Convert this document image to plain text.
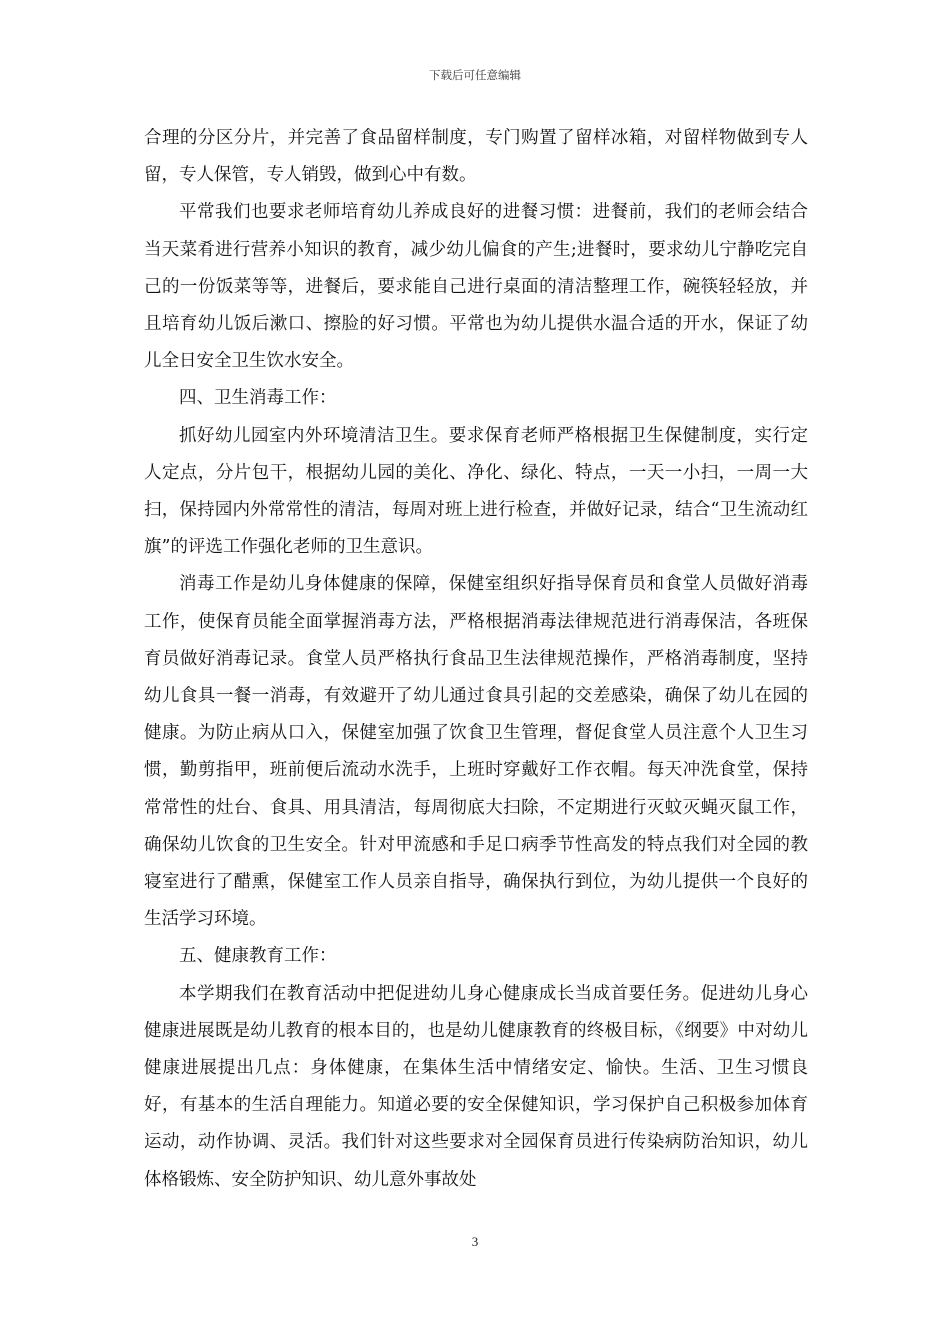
下载后可任意编辑

合理的分区分片，并完善了食品留样制度，专门购置了留样冰箱，对留样物做到专人留，专人保管，专人销毁，做到心中有数。

平常我们也要求老师培育幼儿养成良好的进餐习惯：进餐前，我们的老师会结合当天菜肴进行营养小知识的教育，减少幼儿偏食的产生;进餐时，要求幼儿宁静吃完自己的一份饭菜等等，进餐后，要求能自己进行桌面的清洁整理工作，碗筷轻轻放，并且培育幼儿饭后漱口、擦脸的好习惯。平常也为幼儿提供水温合适的开水，保证了幼儿全日安全卫生饮水安全。

四、卫生消毒工作：

抓好幼儿园室内外环境清洁卫生。要求保育老师严格根据卫生保健制度，实行定人定点，分片包干，根据幼儿园的美化、净化、绿化、特点，一天一小扫，一周一大扫，保持园内外常常性的清洁，每周对班上进行检查，并做好记录，结合“卫生流动红旗”的评选工作强化老师的卫生意识。

消毒工作是幼儿身体健康的保障，保健室组织好指导保育员和食堂人员做好消毒工作，使保育员能全面掌握消毒方法，严格根据消毒法律规范进行消毒保洁，各班保育员做好消毒记录。食堂人员严格执行食品卫生法律规范操作，严格消毒制度，坚持幼儿食具一餐一消毒，有效避开了幼儿通过食具引起的交差感染，确保了幼儿在园的健康。为防止病从口入，保健室加强了饮食卫生管理，督促食堂人员注意个人卫生习惯，勤剪指甲，班前便后流动水洗手，上班时穿戴好工作衣帽。每天冲洗食堂，保持常常性的灶台、食具、用具清洁，每周彻底大扫除，不定期进行灭蚊灭蝇灭鼠工作，确保幼儿饮食的卫生安全。针对甲流感和手足口病季节性高发的特点我们对全园的教寝室进行了醋熏，保健室工作人员亲自指导，确保执行到位，为幼儿提供一个良好的生活学习环境。

五、健康教育工作：

本学期我们在教育活动中把促进幼儿身心健康成长当成首要任务。促进幼儿身心健康进展既是幼儿教育的根本目的，也是幼儿健康教育的终极目标，《纲要》中对幼儿健康进展提出几点：身体健康，在集体生活中情绪安定、愉快。生活、卫生习惯良好，有基本的生活自理能力。知道必要的安全保健知识，学习保护自己积极参加体育运动，动作协调、灵活。我们针对这些要求对全园保育员进行传染病防治知识，幼儿体格锻炼、安全防护知识、幼儿意外事故处

3
